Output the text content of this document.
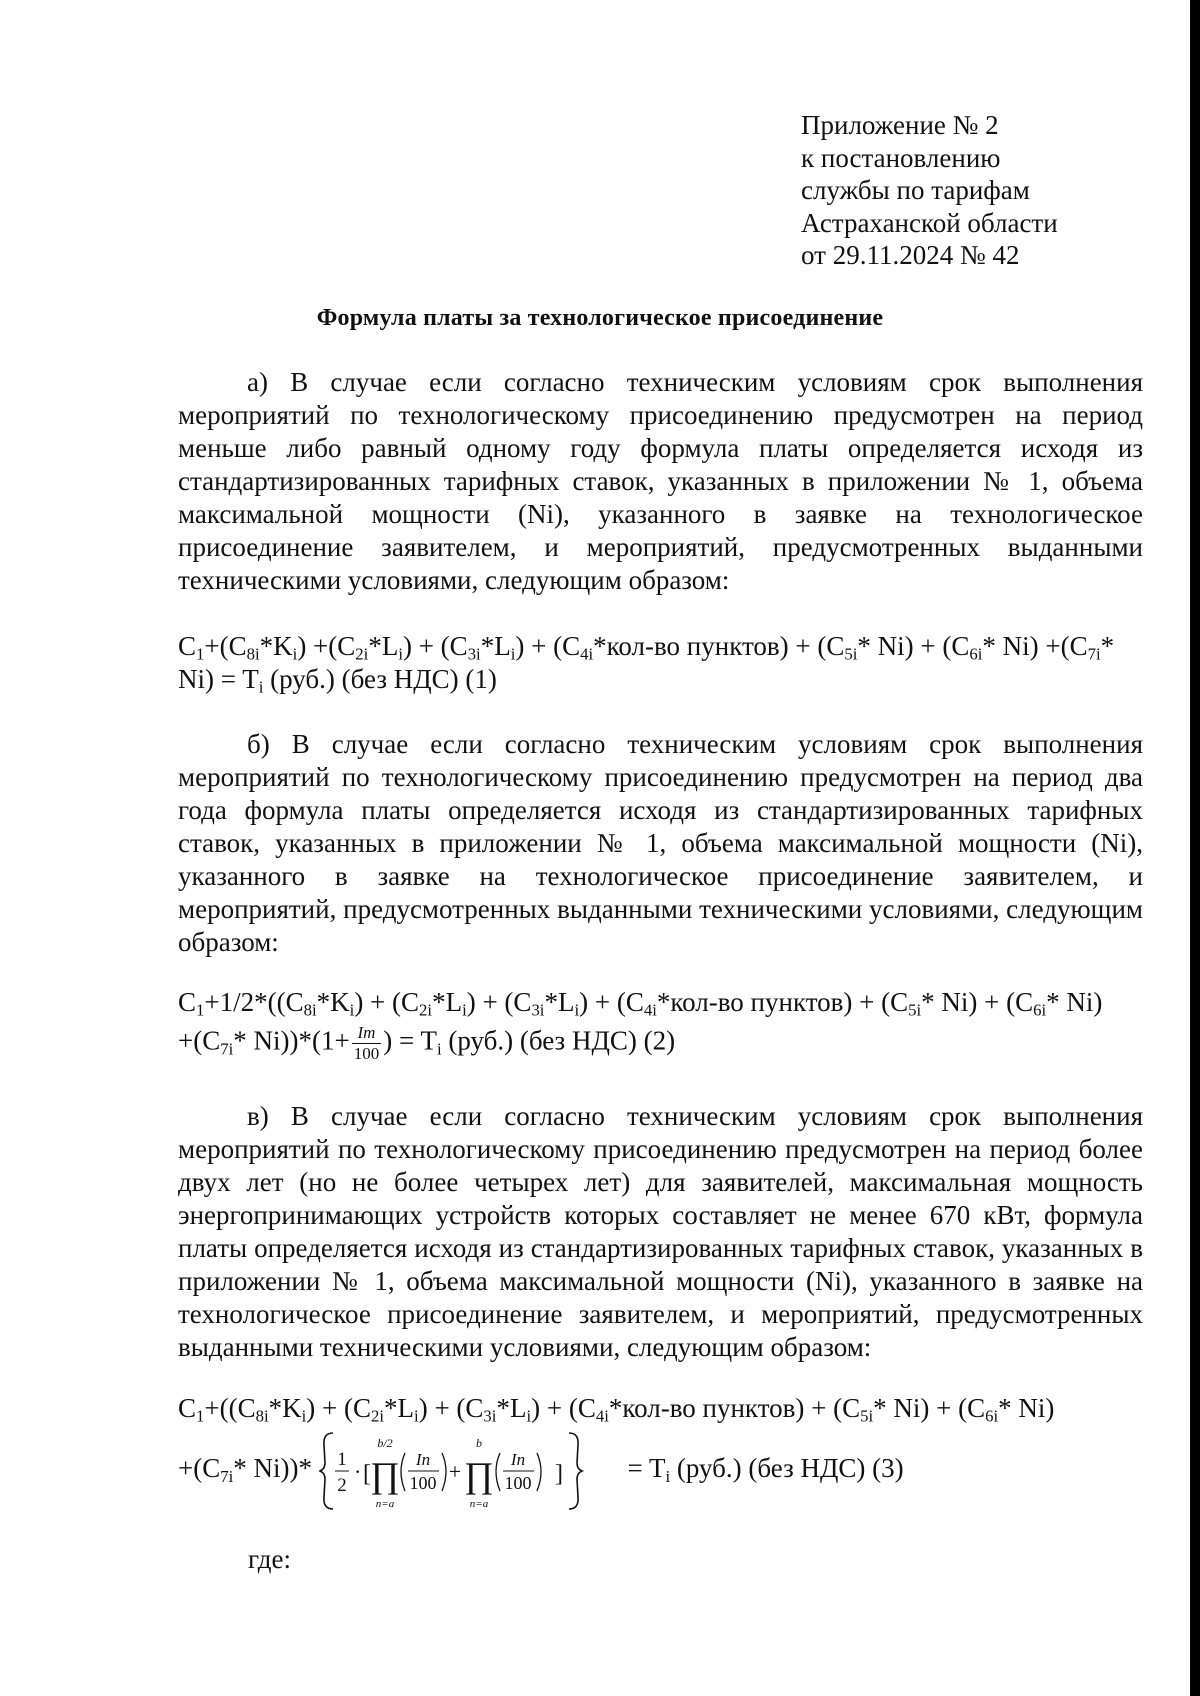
Приложение № 2
к постановлению
службы по тарифам
Астраханской области
от 29.11.2024 № 42
Формула платы за технологическое присоединение

а) В случае если согласно техническим условиям срок выполнения мероприятий по технологическому присоединению предусмотрен на период меньше либо равный одному году формула платы определяется исходя из стандартизированных тарифных ставок, указанных в приложении № 1, объема максимальной мощности (Ni), указанного в заявке на технологическое присоединение заявителем, и мероприятий, предусмотренных выданными техническими условиями, следующим образом:

$C_1+(C_{8i}*K_i) +(C_{2i}*L_i) + (C_{3i}*L_i) + (C_{4i}*кол-во$ пунктов) + ($C_{5i}*$ $Ni) + (C_{6i}*$ $Ni) +(C_{7i}*$
$Ni) = T_i$ (руб.) (без НДС) (1)

б) В случае если согласно техническим условиям срок выполнения мероприятий по технологическому присоединению предусмотрен на период два года формула платы определяется исходя из стандартизированных тарифных ставок, указанных в приложении № 1, объема максимальной мощности (Ni), указанного в заявке на технологическое присоединение заявителем, и мероприятий, предусмотренных выданными техническими условиями, следующим образом:

$C_1+1/2*((C_{8i}*K_i) + (C_{2i}*L_i) + (C_{3i}*L_i) + (C_{4i}*кол-во$ пунктов) + ($C_{5i}*$ $Ni) + (C_{6i}*$ Ni)
$+(C_{7i}*$ $Ni))*(1+ \frac{Im}{100}$ ) = $T_i$ (руб.) (без НДС) (2)

в) В случае если согласно техническим условиям срок выполнения мероприятий по технологическому присоединению предусмотрен на период более двух лет (но не более четырех лет) для заявителей, максимальная мощность энергопринимающих устройств которых составляет не менее 670 кВт, формула платы определяется исходя из стандартизированных тарифных ставок, указанных в приложении № 1, объема максимальной мощности (Ni), указанного в заявке на технологическое присоединение заявителем, и мероприятий, предусмотренных выданными техническими условиями, следующим образом:

$C_1+((C_{8i}*K_i) + (C_{2i}*L_i) + (C_{3i}*L_i) + (C_{4i}*кол-во$ пунктов) + ($C_{5i}*$ $Ni) + (C_{6i}*$ Ni)
$+(C_{7i}*$ Ni))* 1
2
· [
b/2
∏
n=a
In
100 +
b
∏
n=a
In
100 ] = $T_i$ (руб.) (без НДС) (3)
где:
